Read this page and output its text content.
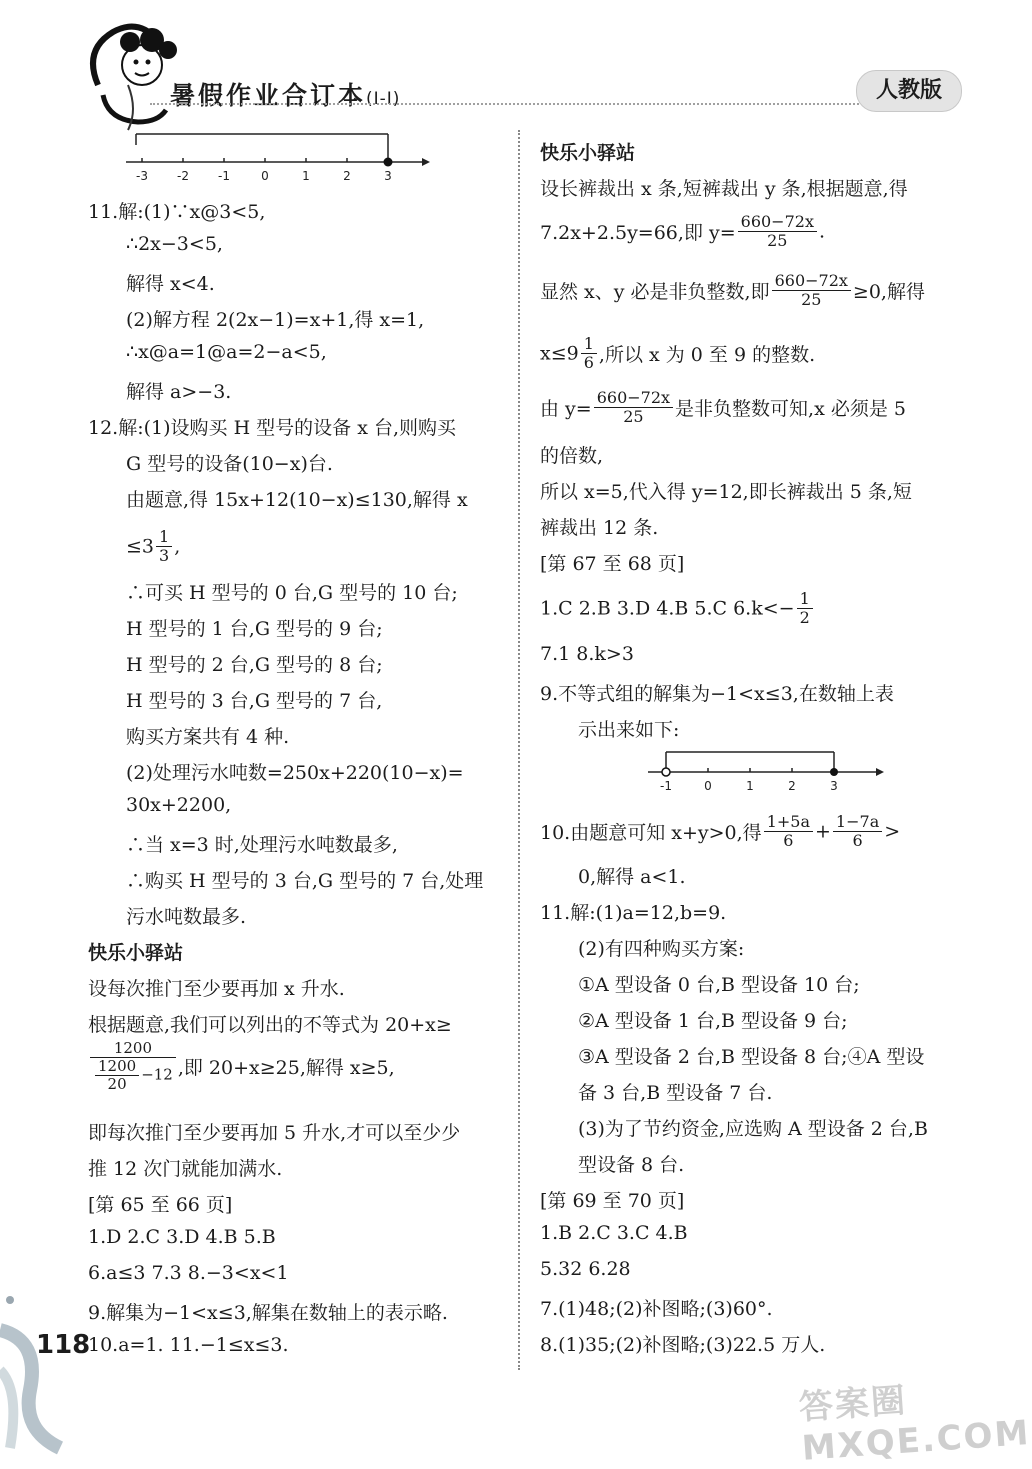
暑假作业合订本(Ⅰ-Ⅰ)	人教版
-3 -2 -1	0	1	2	3
11.解:(1)∵x@3<5,
∴2x−3<5,
解得 x<4.
(2)解方程 2(2x−1)=x+1,得 x=1,
∴x@a=1@a=2−a<5,
解得 a>−3.
12.解:(1)设购买 H 型号的设备 x 台,则购买
G 型号的设备(10−x)台.
由题意,得 15x+12(10−x)≤130,解得 x
$\le 3 \frac{1}{3}$ ,
∴可买 H 型号的 0 台,G 型号的 10 台;
H 型号的 1 台,G 型号的 9 台;
H 型号的 2 台,G 型号的 8 台;
H 型号的 3 台,G 型号的 7 台,
购买方案共有 4 种.
(2)处理污水吨数=250x+220(10−x)=
30x+2200,
∴当 x=3 时,处理污水吨数最多,
∴购买 H 型号的 3 台,G 型号的 7 台,处理
污水吨数最多.
快乐小驿站
设每次推门至少要再加 x 升水.
根据题意,我们可以列出的不等式为 20+x≥
$\frac{1200}{\frac{1200}{20} -12}$ ,即 20+x≥25,解得 x≥5,
即每次推门至少要再加 5 升水,才可以至少少
推 12 次门就能加满水.
[第 65 至 66 页]
1.D 2.C 3.D 4.B 5.B
6.a≤3 7.3 8.−3<x<1
9.解集为−1<x≤3,解集在数轴上的表示略.
10.a=1. 11.−1≤x≤3.
快乐小驿站
设长裤裁出 x 条,短裤裁出 y 条,根据题意,得
7.2x+2.5y=66,即 $y= \frac{660-72x}{25}$ .
显然 x、y 必是非负整数,即 $\frac{660-72x}{25} \ge 0$,解得
$x\le 9 \frac{1}{6}$ ,所以 x 为 0 至 9 的整数.
由 $y= \frac{660-72x}{25}$ 是非负整数可知,x 必须是 5
的倍数,
所以 x=5,代入得 y=12,即长裤裁出 5 条,短
裤裁出 12 条.
[第 67 至 68 页]
1.C 2.B 3.D 4.B 5.C $6.k<- \frac{1}{2}$
7.1 8.k>3
9.不等式组的解集为−1<x≤3,在数轴上表
示出来如下:
-1	0	1	2	3
10.由题意可知 x+y>0,得 $\frac{1+5a}{6} + \frac{1-7a}{6}$ >
0,解得 a<1.
11.解:(1)a=12,b=9.
(2)有四种购买方案:
①A 型设备 0 台,B 型设备 10 台;
②A 型设备 1 台,B 型设备 9 台;
③A 型设备 2 台,B 型设备 8 台;④A 型设
备 3 台,B 型设备 7 台.
(3)为了节约资金,应选购 A 型设备 2 台,B
型设备 8 台.
[第 69 至 70 页]
1.B 2.C 3.C 4.B
5.32 6.28
7.(1)48;(2)补图略;(3)60°.
8.(1)35;(2)补图略;(3)22.5 万人.
118
答案圈 MXQE.COM
